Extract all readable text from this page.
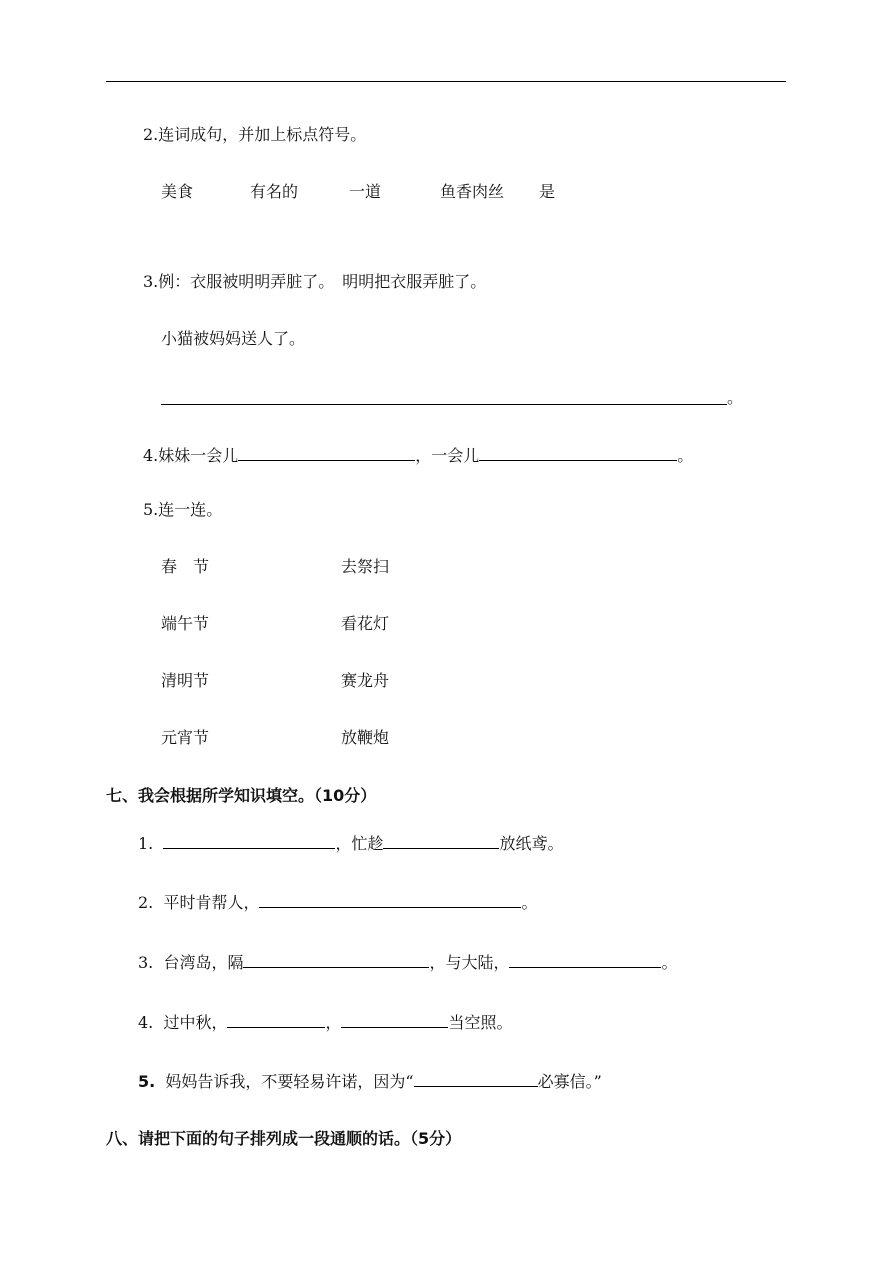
2.连词成句，并加上标点符号。
美食	有名的	一道	鱼香肉丝 是
3.例：衣服被明明弄脏了。　明明把衣服弄脏了。
小猫被妈妈送人了。
。
4.妹妹一会儿	，一会儿	。
5.连一连。
春　节	去祭扫
端午节	看花灯
清明节	赛龙舟
元宵节	放鞭炮
七、我会根据所学知识填空。（10分）
1.	，忙趁	放纸鸢。
2. 平时肯帮人，	。
3. 台湾岛，隔	，与大陆，	。
4. 过中秋，	，	当空照。
5. 妈妈告诉我，不要轻易许诺，因为“	必寡信。”
八、请把下面的句子排列成一段通顺的话。（5分）
